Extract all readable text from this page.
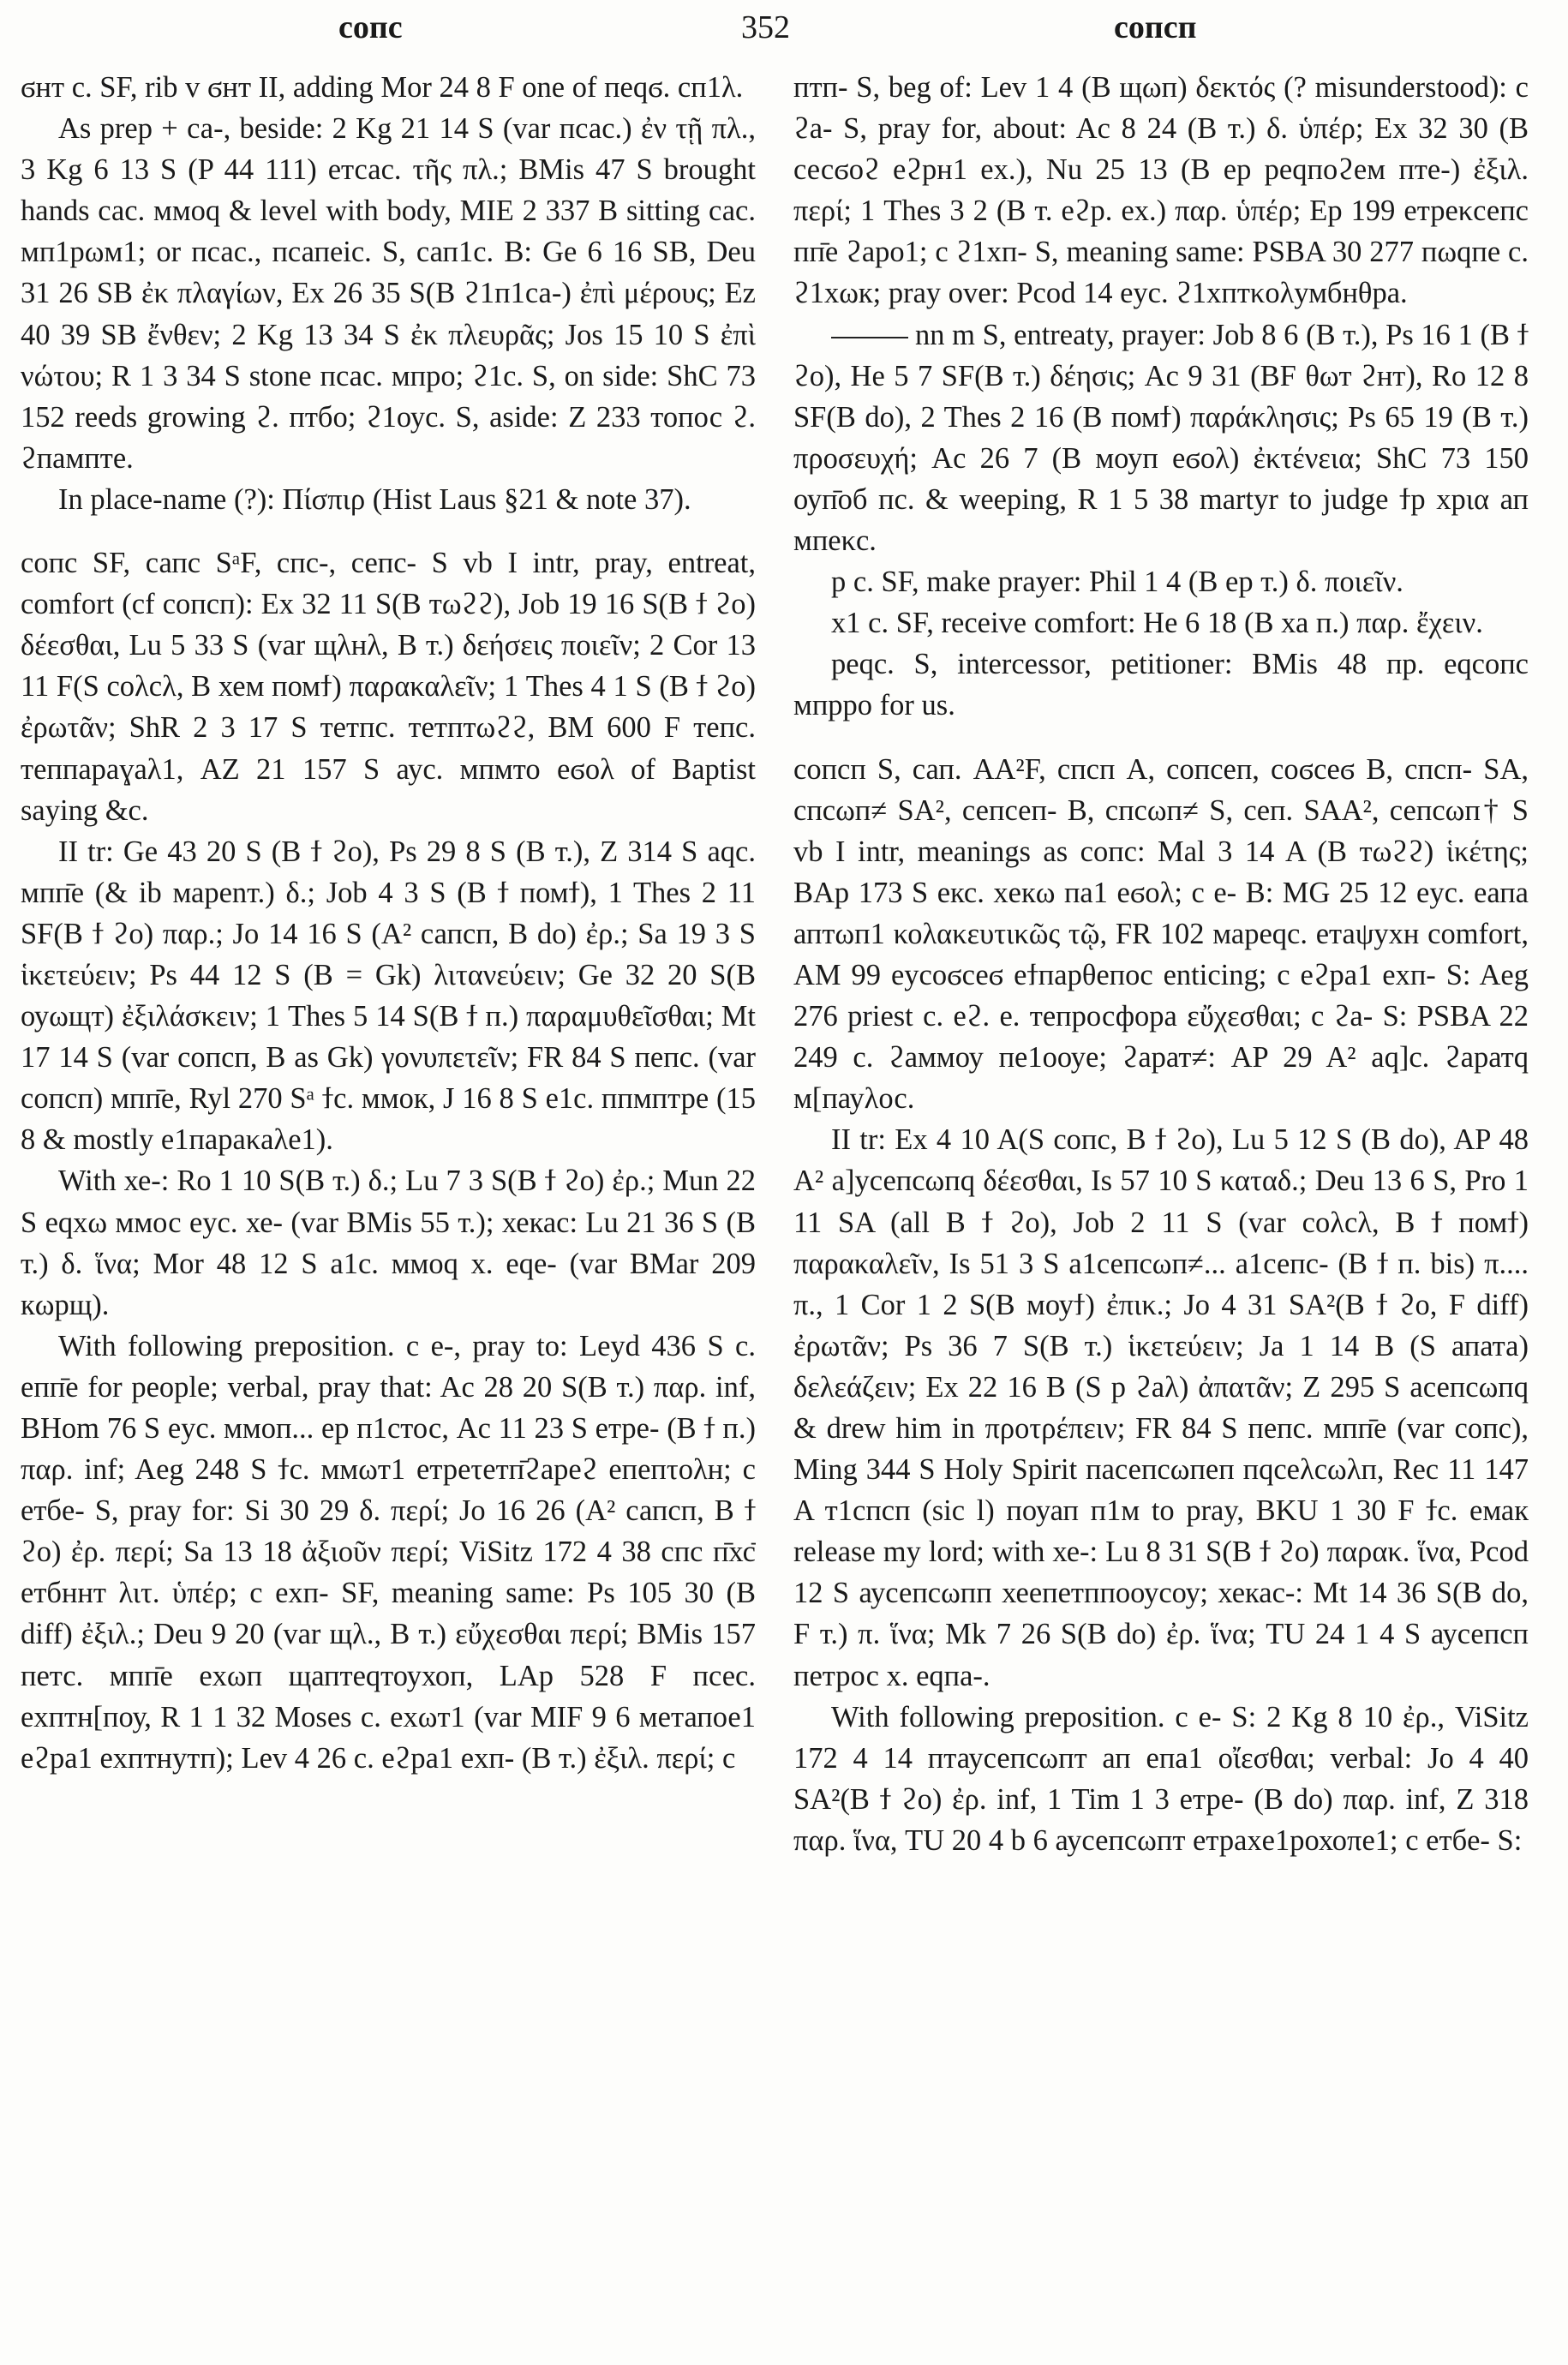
сопс	352	сопсп

ϭнт с. SF, rib v ϭнт II, adding Mor 24 8 F one of пеqϭ. сп1λ.

As prep + са-, beside: 2 Kg 21 14 S (var псас.) ἐν τῇ πλ., 3 Kg 6 13 S (P 44 111) етсас. τῆς πλ.; BMis 47 S brought hands сас. ммоq & level with body, MIE 2 337 B sitting сас. мп1рωм1; or псас., псапеiс. S, сап1с. B: Ge 6 16 SB, Deu 31 26 SB ἐκ πλαγίων, Ex 26 35 S(B ϩ1п1са-) ἐπὶ μέρους; Ez 40 39 SB ἔνθεν; 2 Kg 13 34 S ἐκ πλευρᾶς; Jos 15 10 S ἐπὶ νώτου; R 1 3 34 S stone псас. мпро; ϩ1с. S, on side: ShC 73 152 reeds growing ϩ. птбо; ϩ1оус. S, aside: Z 233 топос ϩ. ϩпамптe.

In place-name (?): Πίσπιρ (Hist Laus §21 & note 37).

сопс SF, сапс SᵃF, спс-, сепс- S vb I intr, pray, entreat, comfort (cf сопсп): Ex 32 11 S(B тωϩϩ), Job 19 16 S(B ϯ ϩо) δέεσθαι, Lu 5 33 S (var щλнλ, B т.) δεήσεις ποιεῖν; 2 Cor 13 11 F(S соλсλ, B хем помϯ) παρακαλεῖν; 1 Thes 4 1 S (B ϯ ϩо) ἐρωτᾶν; ShR 2 3 17 S тетпс. тетптωϩϩ, BM 600 F тепс. теппараɣаλ1, AZ 21 157 S аус. мпмто eϭоλ of Baptist saying &c.

II tr: Ge 43 20 S (B ϯ ϩо), Ps 29 8 S (B т.), Z 314 S аqс. мпп̄е (& ib мареnт.) δ.; Job 4 3 S (B ϯ помϯ), 1 Thes 2 11 SF(B ϯ ϩо) παρ.; Jo 14 16 S (A² сапсп, B do) ἐρ.; Sa 19 3 S ἱκετεύειν; Ps 44 12 S (B = Gk) λιτανεύειν; Ge 32 20 S(B оуωщт) ἐξιλάσκειν; 1 Thes 5 14 S(B ϯ п.) παραμυθεῖσθαι; Mt 17 14 S (var сопсп, B as Gk) γονυπετεῖν; FR 84 S пепс. (var сопсп) мпп̄е, Ryl 270 Sᵃ ϯс. ммок, J 16 8 S e1с. ппмптре (15 8 & mostly e1параκаλe1).

With хе-: Ro 1 10 S(B т.) δ.; Lu 7 3 S(B ϯ ϩо) ἐρ.; Mun 22 S eqхω ммос eус. хе- (var BMis 55 т.); хекас: Lu 21 36 S (B т.) δ. ἵνα; Mor 48 12 S а1с. ммоq х. eqe- (var BMar 209 кωрщ).

With following preposition. с e-, pray to: Leyd 436 S с. eпп̄е for people; verbal, pray that: Ac 28 20 S(B т.) παρ. inf, BHom 76 S eус. ммоп... eр п1стос, Ac 11 23 S eтре- (B ϯ п.) παρ. inf; Aeg 248 S ϯс. ммωт1 eтреτeтп̄ϩареϩ eпепτоλн; с eтбe- S, pray for: Si 30 29 δ. περί; Jo 16 26 (A² сапсп, B ϯ ϩо) ἐρ. περί; Sa 13 18 ἀξιοῦν περί; ViSitz 172 4 38 спс п̄хс̄ eтбннт λιτ. ὑπέρ; с eхп- SF, meaning same: Ps 105 30 (B diff) ἐξιλ.; Deu 9 20 (var щλ., B т.) εὔχεσθαι περί; BMis 157 пeтс. мпп̄е eхωп щаптeqтоухоп, LAp 528 F псеc. eхптн[поу, R 1 1 32 Moses с. eхωт1 (var MIF 9 6 метапое1 eϩра1 eхптнутп); Lev 4 26 с. eϩра1 eхп- (B т.) ἐξιλ. περί; с

птп- S, beg of: Lev 1 4 (B щωп) δεκτός (? misunderstood): с ϩа- S, pray for, about: Ac 8 24 (B т.) δ. ὑπέρ; Ex 32 30 (B сесϭоϩ eϩрн1 eх.), Nu 25 13 (B eр рeqпоϩeм пте-) ἐξιλ. περί; 1 Thes 3 2 (B т. eϩр. eх.) παρ. ὑπέρ; Ep 199 eтреκсепс пп̄е ϩаро1; с ϩ1хп- S, meaning same: PSBA 30 277 пωqпe с. ϩ1хωк; pray over: Pcod 14 eус. ϩ1хптκоλумбнθра.

nn m S, entreaty, prayer: Job 8 6 (B т.), Ps 16 1 (B ϯ ϩо), He 5 7 SF(B т.) δέησις; Ac 9 31 (BF θωт ϩнт), Ro 12 8 SF(B do), 2 Thes 2 16 (B помϯ) παράκλησις; Ps 65 19 (B т.) προσευχή; Ac 26 7 (B моуп eϭоλ) ἐκτένεια; ShC 73 150 оуп̄об пс. & weeping, R 1 5 38 martyr to judge ϯр хрια ап мпеκс.

р с. SF, make prayer: Phil 1 4 (B eр т.) δ. ποιεῖν.

х1 с. SF, receive comfort: He 6 18 (B ха п.) παρ. ἔχειν.

рeqс. S, intercessor, petitioner: BMis 48 пр. eqсопс мпрро for us.

сопсп S, сап. AA²F, спсп A, сопсeп, соϭсeϭ B, спсп- SA, спсωп≠ SA², сепсеп- B, спсωп≠ S, сeп. SAA², сепсωп† S vb I intr, meanings as сопс: Mal 3 14 A (B тωϩϩ) ἱκέτης; BAp 173 S eкс. хeкω па1 eϭоλ; с e- B: MG 25 12 eус. eапа аптωп1 κολακευτικῶς τῷ, FR 102 мареqс. eтаψухн comfort, AM 99 eусоϭсеϭ eϯпарθeпоc enticing; с eϩра1 eхп- S: Aeg 276 priest с. eϩ. e. тепросфора εὔχεσθαι; с ϩа- S: PSBA 22 249 с. ϩаммоу пe1ооуe; ϩарат≠: AP 29 A² аq]с. ϩаратq м[пауλос.

II tr: Ex 4 10 A(S сопс, B ϯ ϩо), Lu 5 12 S (B do), AP 48 A² а]усепсωпq δέεσθαι, Is 57 10 S καταδ.; Deu 13 6 S, Pro 1 11 SA (all B ϯ ϩо), Job 2 11 S (var соλсλ, B ϯ помϯ) παρακαλεῖν, Is 51 3 S а1сепсωп≠... а1сепс- (B ϯ п. bis) π.... π., 1 Cor 1 2 S(B моуϯ) ἐπικ.; Jo 4 31 SA²(B ϯ ϩо, F diff) ἐρωτᾶν; Ps 36 7 S(B т.) ἱκετεύειν; Ja 1 14 B (S апата) δελεάζειν; Ex 22 16 B (S р ϩаλ) ἀπατᾶν; Z 295 S асепсωпq & drew him in προτρέπειν; FR 84 S пепс. мпп̄е (var сопс), Ming 344 S Holy Spirit пасепсωпeп пqсeλсωλп, Rec 11 147 A т1спсп (sic l) поуап п1м to pray, BKU 1 30 F ϯс. eмак release my lord; with хе-: Lu 8 31 S(B ϯ ϩо) παρακ. ἵνα, Pcod 12 S аусепсωпп хеепетппооусоу; хекас-: Mt 14 36 S(B do, F т.) π. ἵνα; Mk 7 26 S(B do) ἐρ. ἵνα; TU 24 1 4 S аусепсп пeтрос х. eqпа-.

With following preposition. с e- S: 2 Kg 8 10 ἐρ., ViSitz 172 4 14 птаусепсωпт ап eпа1 οἴεσθαι; verbal: Jo 4 40 SA²(B ϯ ϩо) ἐρ. inf, 1 Tim 1 3 eтре- (B do) παρ. inf, Z 318 παρ. ἵνα, TU 20 4 b 6 аусепсωпт eтрахe1рохоπe1; с eтбe- S:
